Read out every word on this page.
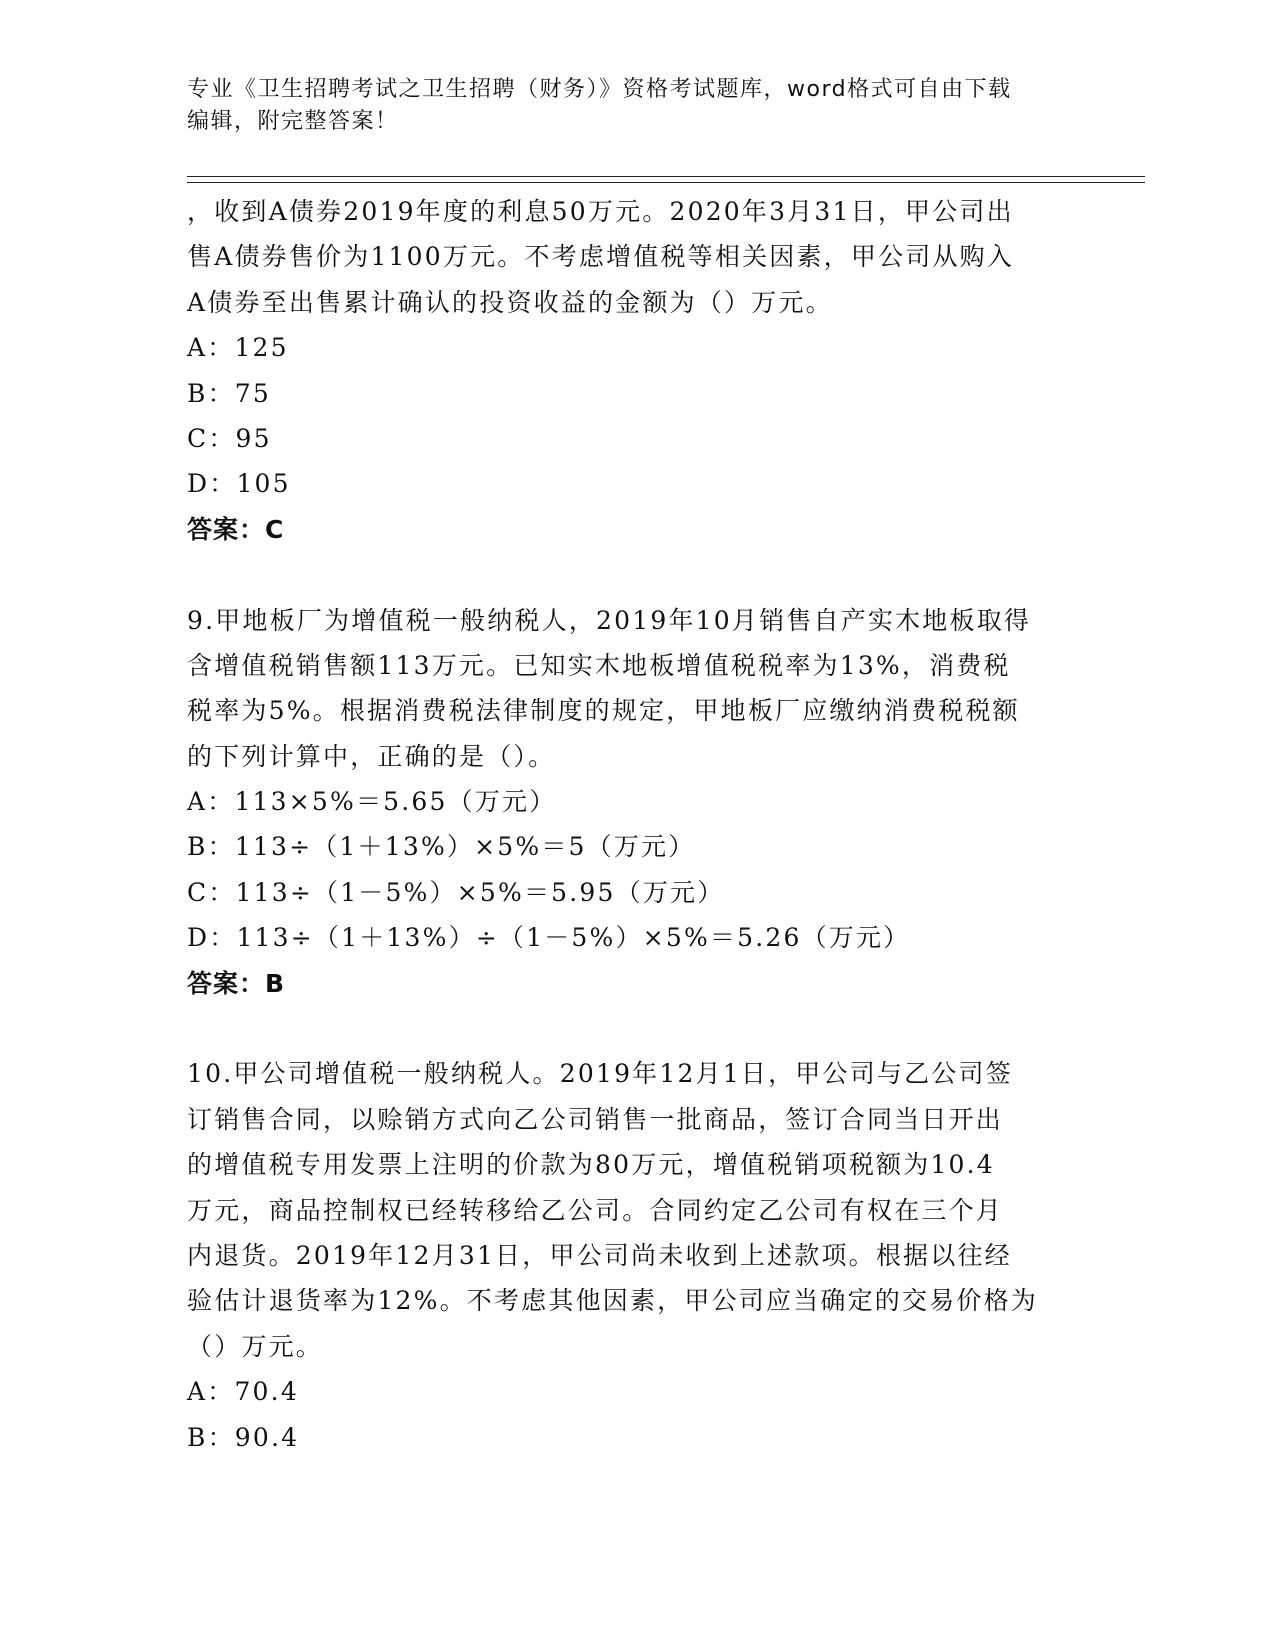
专业《卫生招聘考试之卫生招聘（财务）》资格考试题库，word格式可自由下载
编辑，附完整答案！
，收到A债券2019年度的利息50万元。2020年3月31日，甲公司出
售A债券售价为1100万元。不考虑增值税等相关因素，甲公司从购入
A债券至出售累计确认的投资收益的金额为（）万元。
A：125
B：75
C：95
D：105
答案：C
9.甲地板厂为增值税一般纳税人，2019年10月销售自产实木地板取得
含增值税销售额113万元。已知实木地板增值税税率为13%，消费税
税率为5%。根据消费税法律制度的规定，甲地板厂应缴纳消费税税额
的下列计算中，正确的是（）。
A：113×5%＝5.65（万元）
B：113÷（1＋13%）×5%＝5（万元）
C：113÷（1－5%）×5%＝5.95（万元）
D：113÷（1＋13%）÷（1－5%）×5%＝5.26（万元）
答案：B
10.甲公司增值税一般纳税人。2019年12月1日，甲公司与乙公司签
订销售合同，以赊销方式向乙公司销售一批商品，签订合同当日开出
的增值税专用发票上注明的价款为80万元，增值税销项税额为10.4
万元，商品控制权已经转移给乙公司。合同约定乙公司有权在三个月
内退货。2019年12月31日，甲公司尚未收到上述款项。根据以往经
验估计退货率为12%。不考虑其他因素，甲公司应当确定的交易价格为
（）万元。
A：70.4
B：90.4
